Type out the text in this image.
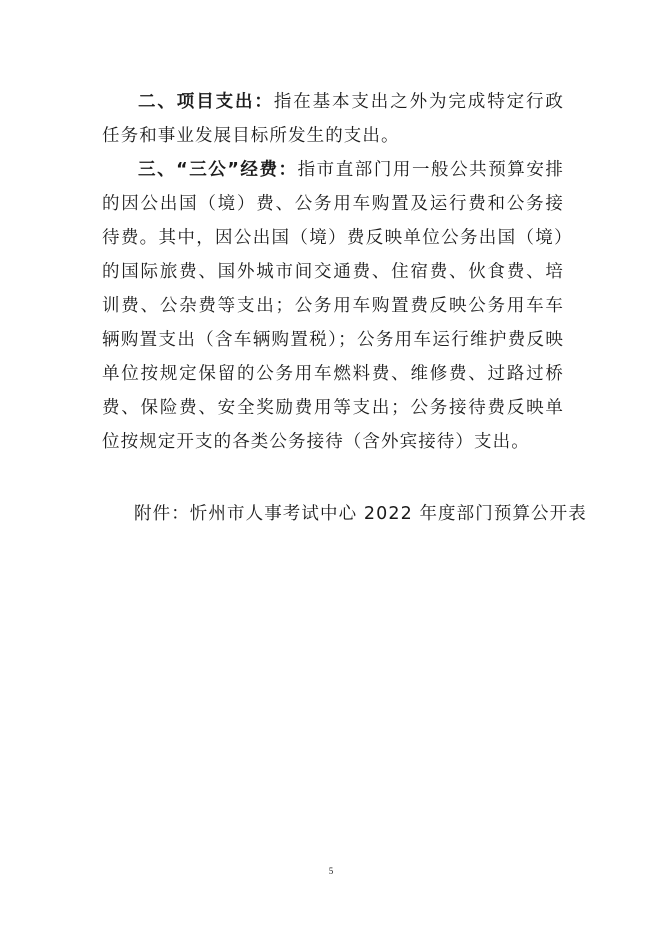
二、项目支出：指在基本支出之外为完成特定行政任务和事业发展目标所发生的支出。

三、“三公”经费：指市直部门用一般公共预算安排的因公出国（境）费、公务用车购置及运行费和公务接待费。其中，因公出国（境）费反映单位公务出国（境）的国际旅费、国外城市间交通费、住宿费、伙食费、培训费、公杂费等支出；公务用车购置费反映公务用车车辆购置支出（含车辆购置税）；公务用车运行维护费反映单位按规定保留的公务用车燃料费、维修费、过路过桥费、保险费、安全奖励费用等支出；公务接待费反映单位按规定开支的各类公务接待（含外宾接待）支出。

附件：忻州市人事考试中心 2022 年度部门预算公开表

5
